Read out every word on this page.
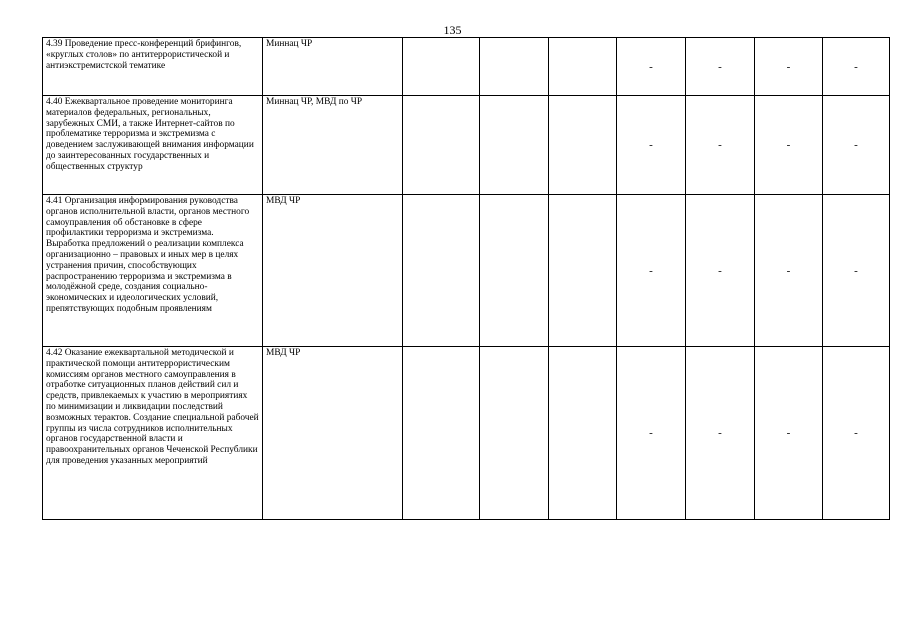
135
4.39 Проведение пресс-конференций брифингов, «круглых столов» по антитеррористической и антиэкстремистской тематике	Миннац ЧР				-	-	-	-
4.40 Ежеквартальное проведение мониторинга материалов федеральных, региональных, зарубежных СМИ, а также Интернет-сайтов по проблематике терроризма и экстремизма с доведением заслуживающей внимания информации до заинтересованных государственных и общественных структур	Миннац ЧР, МВД по ЧР				-	-	-	-
4.41 Организация информирования руководства органов исполнительной власти, органов местного самоуправления об обстановке в сфере профилактики терроризма и экстремизма. Выработка предложений о реализации комплекса организационно – правовых и иных мер в целях устранения причин, способствующих распространению терроризма и экстремизма в молодёжной среде, создания социально-экономических и идеологических условий, препятствующих подобным проявлениям	МВД ЧР				-	-	-	-
4.42 Оказание ежеквартальной методической и практической помощи антитеррористическим комиссиям органов местного самоуправления в отработке ситуационных планов действий сил и средств, привлекаемых к участию в мероприятиях по минимизации и ликвидации последствий возможных терактов. Создание специальной рабочей группы из числа сотрудников исполнительных органов государственной власти и правоохранительных органов Чеченской Республики для проведения указанных мероприятий	МВД ЧР				-	-	-	-
